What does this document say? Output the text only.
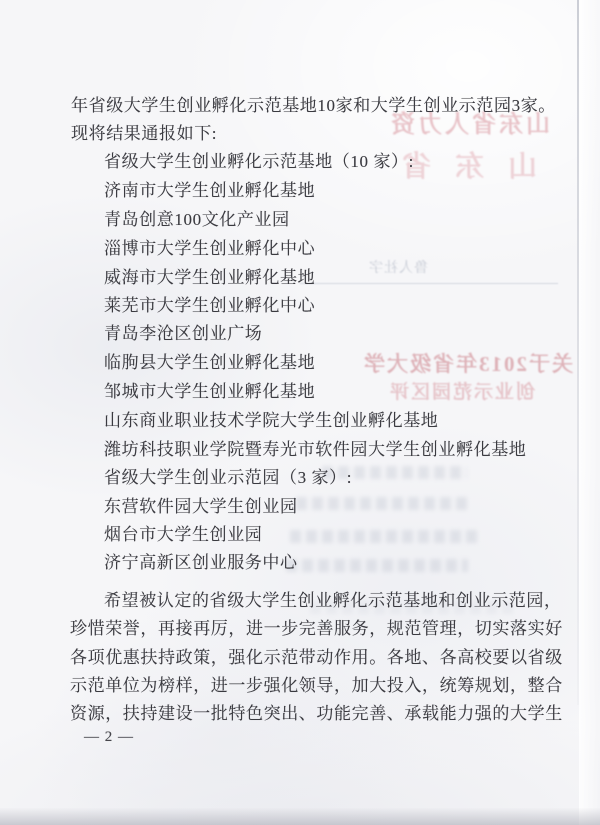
山东省人力资
山东省
鲁人社字
关于2013年省级大学
创业示范园区评
年省级大学生创业孵化示范基地10家和大学生创业示范园3家。
现将结果通报如下:
省级大学生创业孵化示范基地（10 家）:
济南市大学生创业孵化基地
青岛创意100文化产业园
淄博市大学生创业孵化中心
威海市大学生创业孵化基地
莱芜市大学生创业孵化中心
青岛李沧区创业广场
临朐县大学生创业孵化基地
邹城市大学生创业孵化基地
山东商业职业技术学院大学生创业孵化基地
潍坊科技职业学院暨寿光市软件园大学生创业孵化基地
省级大学生创业示范园（3 家）:
东营软件园大学生创业园
烟台市大学生创业园
济宁高新区创业服务中心
希望被认定的省级大学生创业孵化示范基地和创业示范园，
珍惜荣誉，再接再厉，进一步完善服务，规范管理，切实落实好
各项优惠扶持政策，强化示范带动作用。各地、各高校要以省级
示范单位为榜样，进一步强化领导，加大投入，统筹规划，整合
资源，扶持建设一批特色突出、功能完善、承载能力强的大学生
— 2 —
